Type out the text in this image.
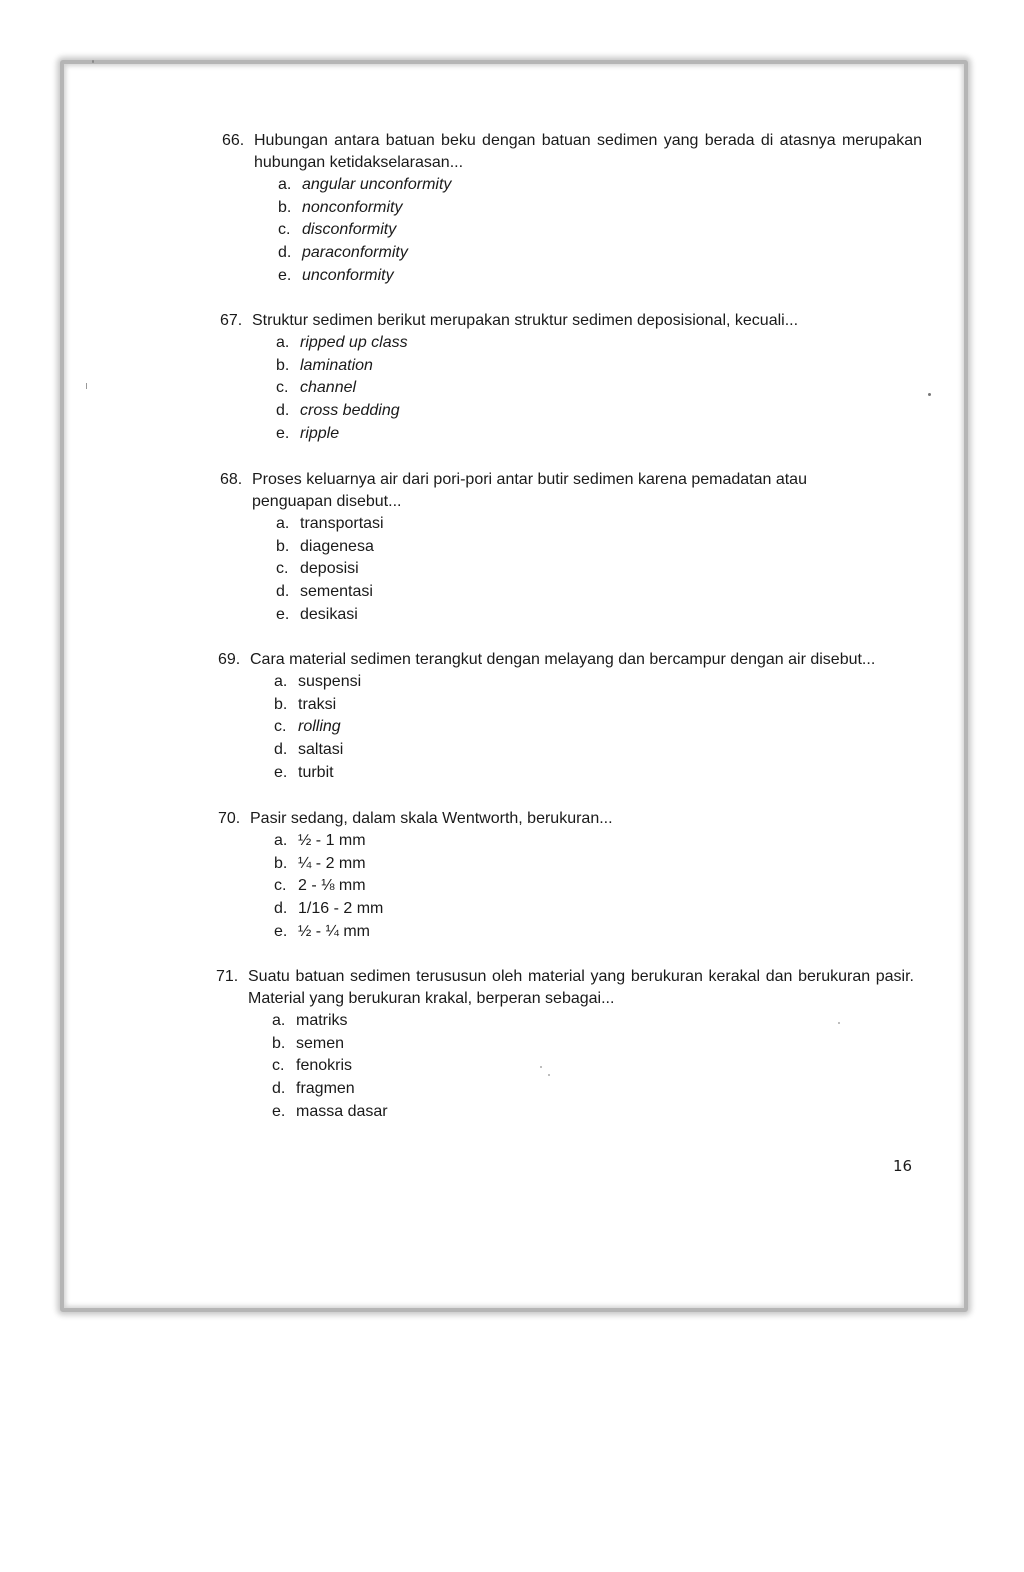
66. Hubungan antara batuan beku dengan batuan sedimen yang berada di atasnya merupakan hubungan ketidakselarasan...
a. angular unconformity
b. nonconformity
c. disconformity
d. paraconformity
e. unconformity
67. Struktur sedimen berikut merupakan struktur sedimen deposisional, kecuali...
a. ripped up class
b. lamination
c. channel
d. cross bedding
e. ripple
68. Proses keluarnya air dari pori-pori antar butir sedimen karena pemadatan atau penguapan disebut...
a. transportasi
b. diagenesa
c. deposisi
d. sementasi
e. desikasi
69. Cara material sedimen terangkut dengan melayang dan bercampur dengan air disebut...
a. suspensi
b. traksi
c. rolling
d. saltasi
e. turbit
70. Pasir sedang, dalam skala Wentworth, berukuran...
a. ½ - 1 mm
b. ¼ - 2 mm
c. 2 - ⅛ mm
d. 1/16 - 2 mm
e. ½ - ¼ mm
71. Suatu batuan sedimen terususun oleh material yang berukuran kerakal dan berukuran pasir. Material yang berukuran krakal, berperan sebagai...
a. matriks
b. semen
c. fenokris
d. fragmen
e. massa dasar
16
